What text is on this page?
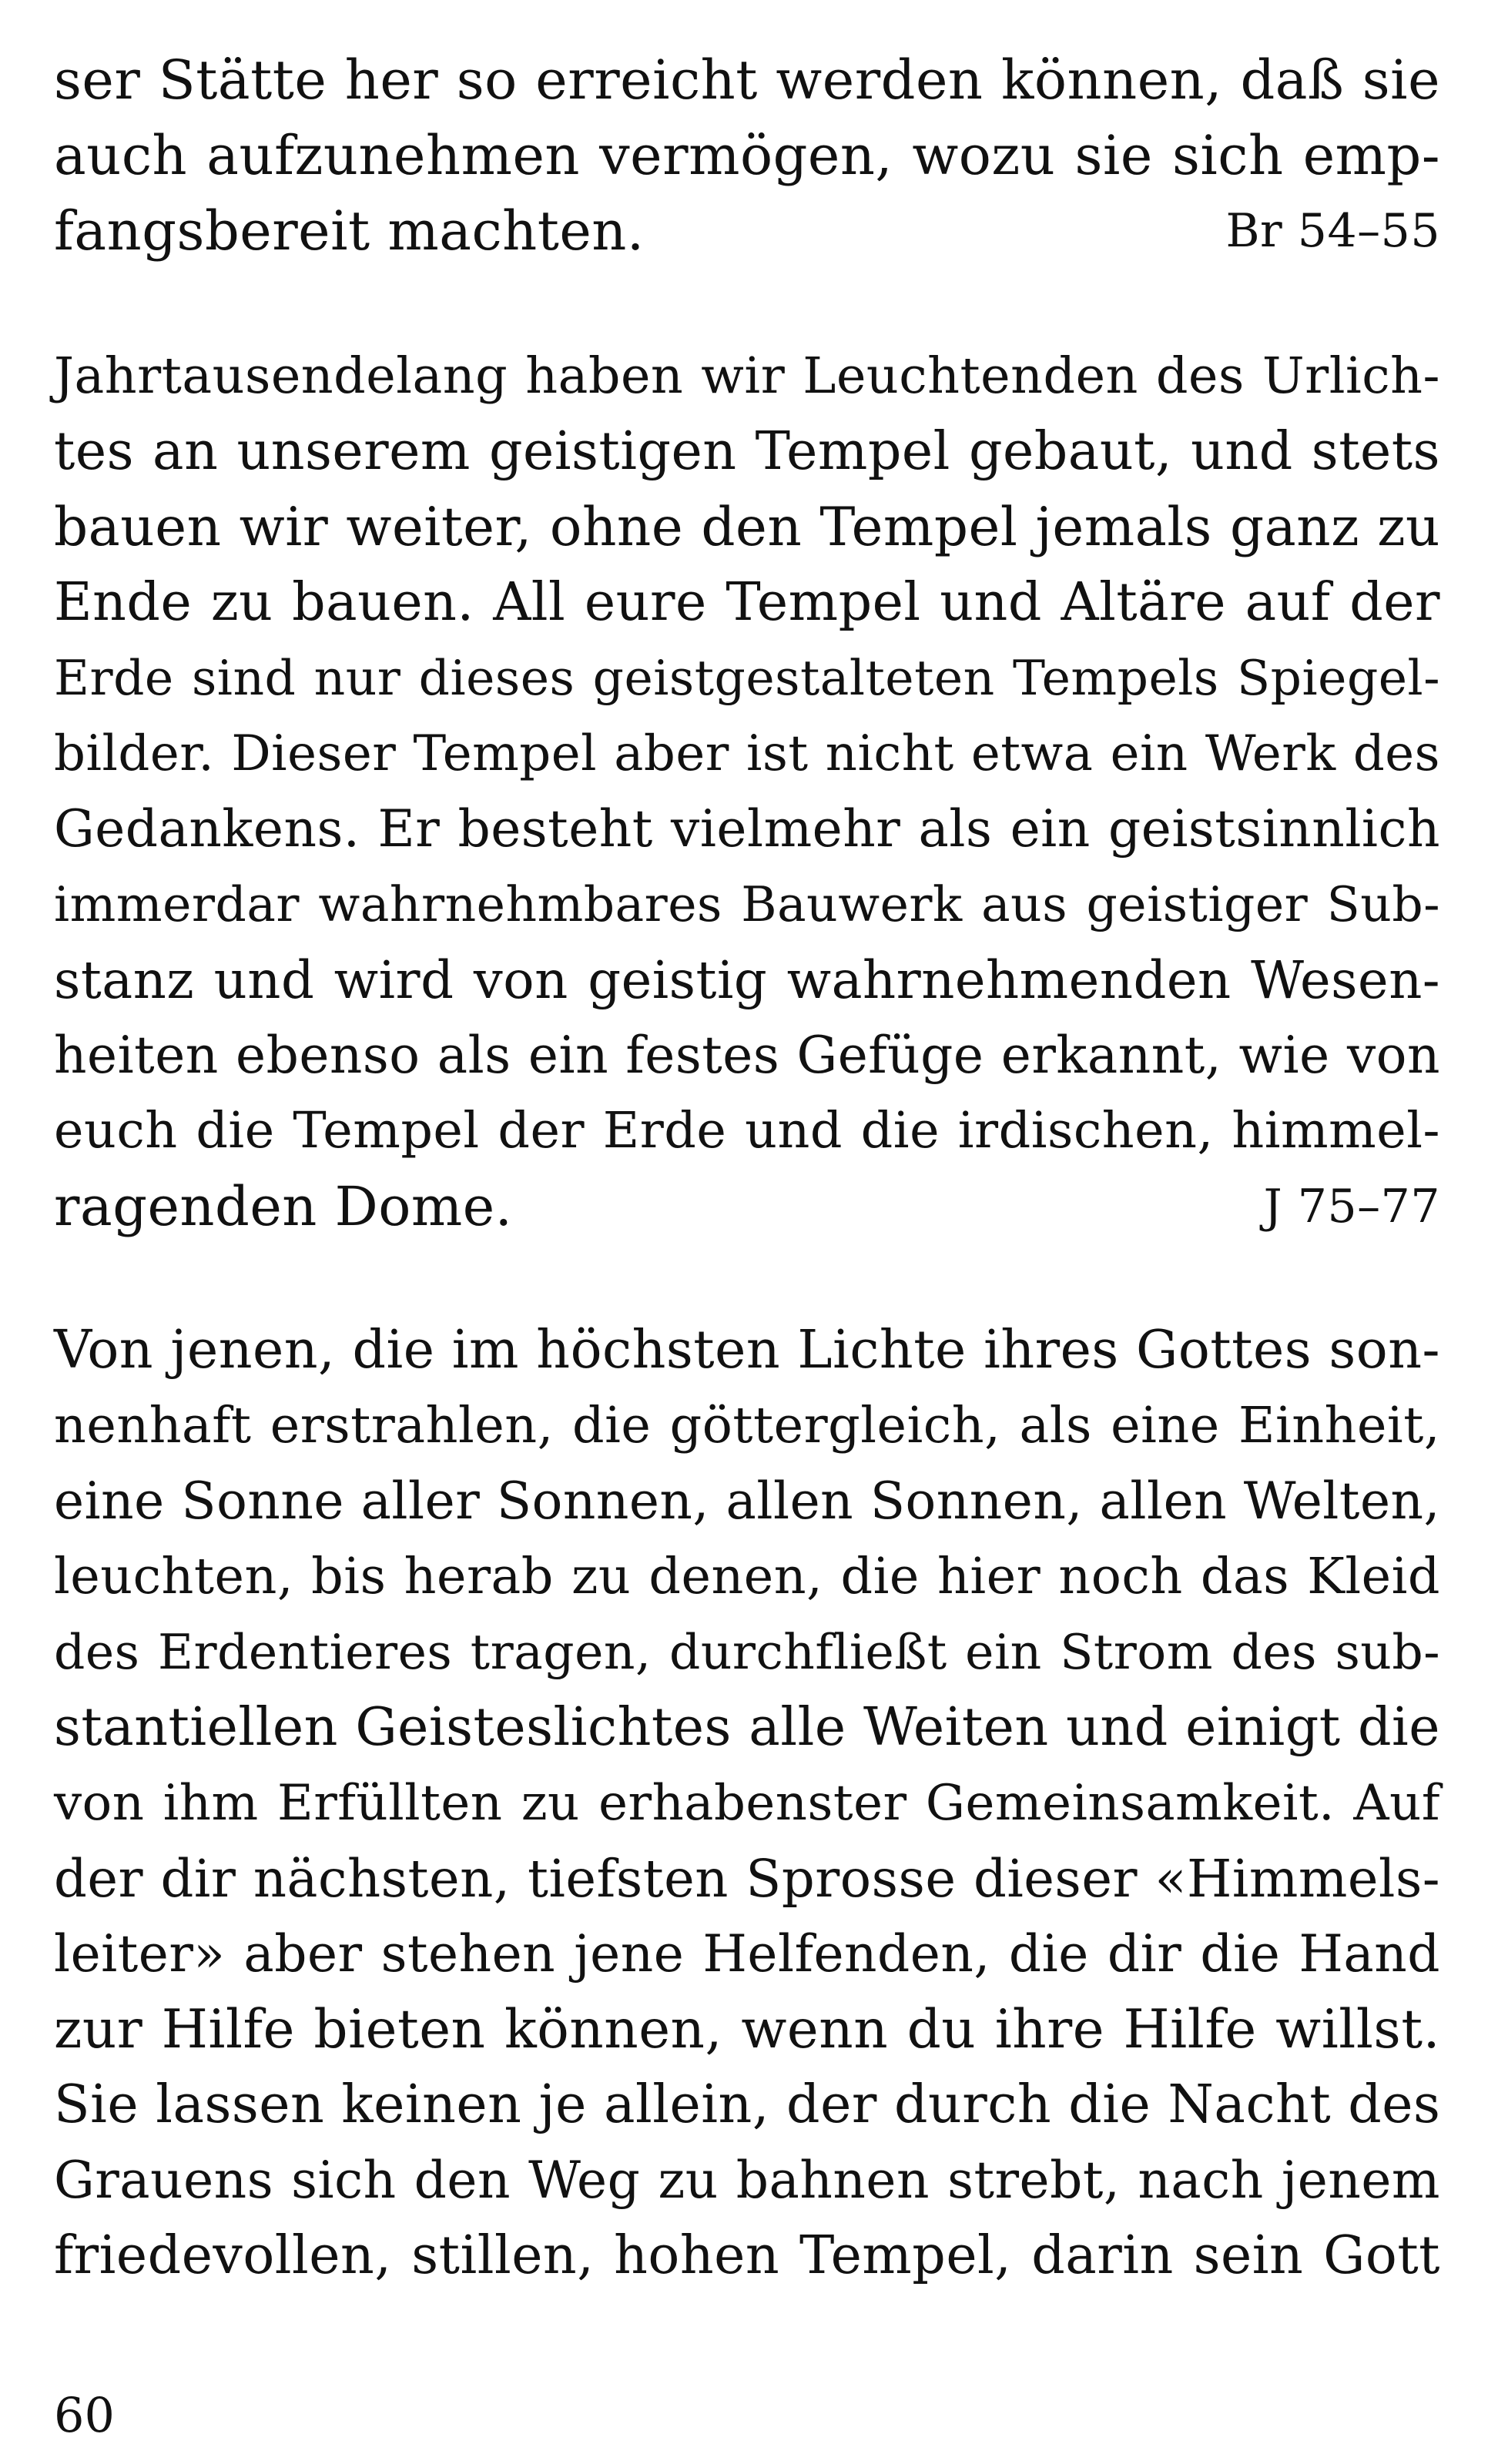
ser Stätte her so erreicht werden können, daß sie
auch aufzunehmen vermögen, wozu sie sich emp-
fangsbereit machten.	Br 54–55
Jahrtausendelang haben wir Leuchtenden des Urlich-
tes an unserem geistigen Tempel gebaut, und stets
bauen wir weiter, ohne den Tempel jemals ganz zu
Ende zu bauen. All eure Tempel und Altäre auf der
Erde sind nur dieses geistgestalteten Tempels Spiegel-
bilder. Dieser Tempel aber ist nicht etwa ein Werk des
Gedankens. Er besteht vielmehr als ein geistsinnlich
immerdar wahrnehmbares Bauwerk aus geistiger Sub-
stanz und wird von geistig wahrnehmenden Wesen-
heiten ebenso als ein festes Gefüge erkannt, wie von
euch die Tempel der Erde und die irdischen, himmel-
ragenden Dome.	J 75–77
Von jenen, die im höchsten Lichte ihres Gottes son-
nenhaft erstrahlen, die göttergleich, als eine Einheit,
eine Sonne aller Sonnen, allen Sonnen, allen Welten,
leuchten, bis herab zu denen, die hier noch das Kleid
des Erdentieres tragen, durchfließt ein Strom des sub-
stantiellen Geisteslichtes alle Weiten und einigt die
von ihm Erfüllten zu erhabenster Gemeinsamkeit. Auf
der dir nächsten, tiefsten Sprosse dieser «Himmels-
leiter» aber stehen jene Helfenden, die dir die Hand
zur Hilfe bieten können, wenn du ihre Hilfe willst.
Sie lassen keinen je allein, der durch die Nacht des
Grauens sich den Weg zu bahnen strebt, nach jenem
friedevollen, stillen, hohen Tempel, darin sein Gott
60
